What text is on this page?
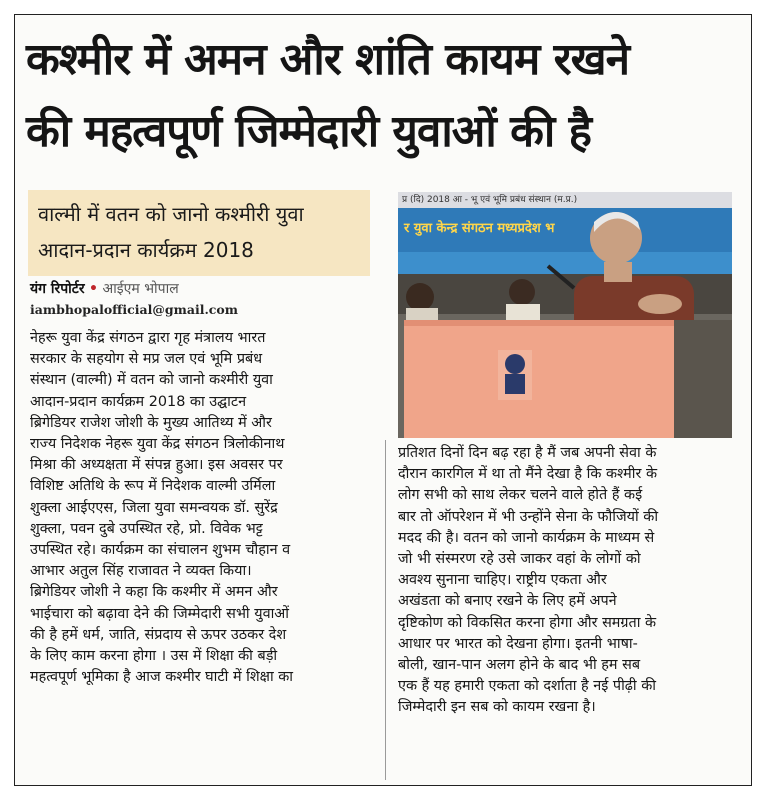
कश्मीर में अमन और शांति कायम रखने
की महत्वपूर्ण जिम्मेदारी युवाओं की है
वाल्मी में वतन को जानो कश्मीरी युवा
आदान-प्रदान कार्यक्रम 2018
यंग रिपोर्टर • आईएम भोपाल
iambhopalofficial@gmail.com
र युवा केन्द्र संगठन मध्यप्रदेश भ
प्र (दि) 2018 आ - भू एवं भूमि प्रबंध संस्थान (म.प्र.)
नेहरू युवा केंद्र संगठन द्वारा गृह मंत्रालय भारत
सरकार के सहयोग से मप्र जल एवं भूमि प्रबंध
संस्थान (वाल्मी) में वतन को जानो कश्मीरी युवा
आदान-प्रदान कार्यक्रम 2018 का उद्घाटन
ब्रिगेडियर राजेश जोशी के मुख्य आतिथ्य में और
राज्य निदेशक नेहरू युवा केंद्र संगठन त्रिलोकीनाथ
मिश्रा की अध्यक्षता में संपन्न हुआ। इस अवसर पर
विशिष्ट अतिथि के रूप में निदेशक वाल्मी उर्मिला
शुक्ला आईएएस, जिला युवा समन्वयक डॉ. सुरेंद्र
शुक्ला, पवन दुबे उपस्थित रहे, प्रो. विवेक भट्ट
उपस्थित रहे। कार्यक्रम का संचालन शुभम चौहान व
आभार अतुल सिंह राजावत ने व्यक्त किया।
ब्रिगेडियर जोशी ने कहा कि कश्मीर में अमन और
भाईचारा को बढ़ावा देने की जिम्मेदारी सभी युवाओं
की है हमें धर्म, जाति, संप्रदाय से ऊपर उठकर देश
के लिए काम करना होगा । उस में शिक्षा की बड़ी
महत्वपूर्ण भूमिका है आज कश्मीर घाटी में शिक्षा का
प्रतिशत दिनों दिन बढ़ रहा है मैं जब अपनी सेवा के
दौरान कारगिल में था तो मैंने देखा है कि कश्मीर के
लोग सभी को साथ लेकर चलने वाले होते हैं कई
बार तो ऑपरेशन में भी उन्होंने सेना के फौजियों की
मदद की है। वतन को जानो कार्यक्रम के माध्यम से
जो भी संस्मरण रहे उसे जाकर वहां के लोगों को
अवश्य सुनाना चाहिए। राष्ट्रीय एकता और
अखंडता को बनाए रखने के लिए हमें अपने
दृष्टिकोण को विकसित करना होगा और समग्रता के
आधार पर भारत को देखना होगा। इतनी भाषा-
बोली, खान-पान अलग होने के बाद भी हम सब
एक हैं यह हमारी एकता को दर्शाता है नई पीढ़ी की
जिम्मेदारी इन सब को कायम रखना है।
